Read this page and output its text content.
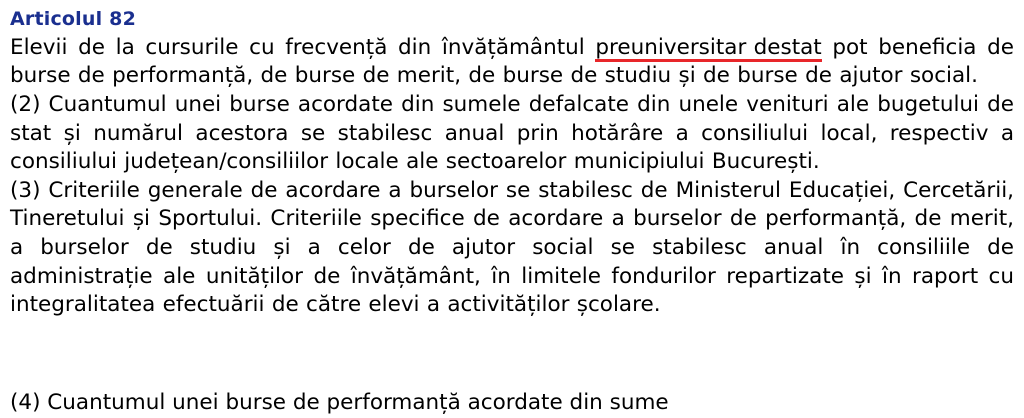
Articolul 82

Elevii de la cursurile cu frecvență din învățământul preuniversitar destat pot beneficia de burse de performanță, de burse de merit, de burse de studiu și de burse de ajutor social.

(2) Cuantumul unei burse acordate din sumele defalcate din unele venituri ale bugetului de stat și numărul acestora se stabilesc anual prin hotărâre a consiliului local, respectiv a consiliului județean/consiliilor locale ale sectoarelor municipiului București.

(3) Criteriile generale de acordare a burselor se stabilesc de Ministerul Educației, Cercetării, Tineretului și Sportului. Criteriile specifice de acordare a burselor de performanță, de merit, a burselor de studiu și a celor de ajutor social se stabilesc anual în consiliile de administrație ale unităților de învățământ, în limitele fondurilor repartizate și în raport cu integralitatea efectuării de către elevi a activităților școlare.

(4) Cuantumul unei burse de performanță acordate din sume
